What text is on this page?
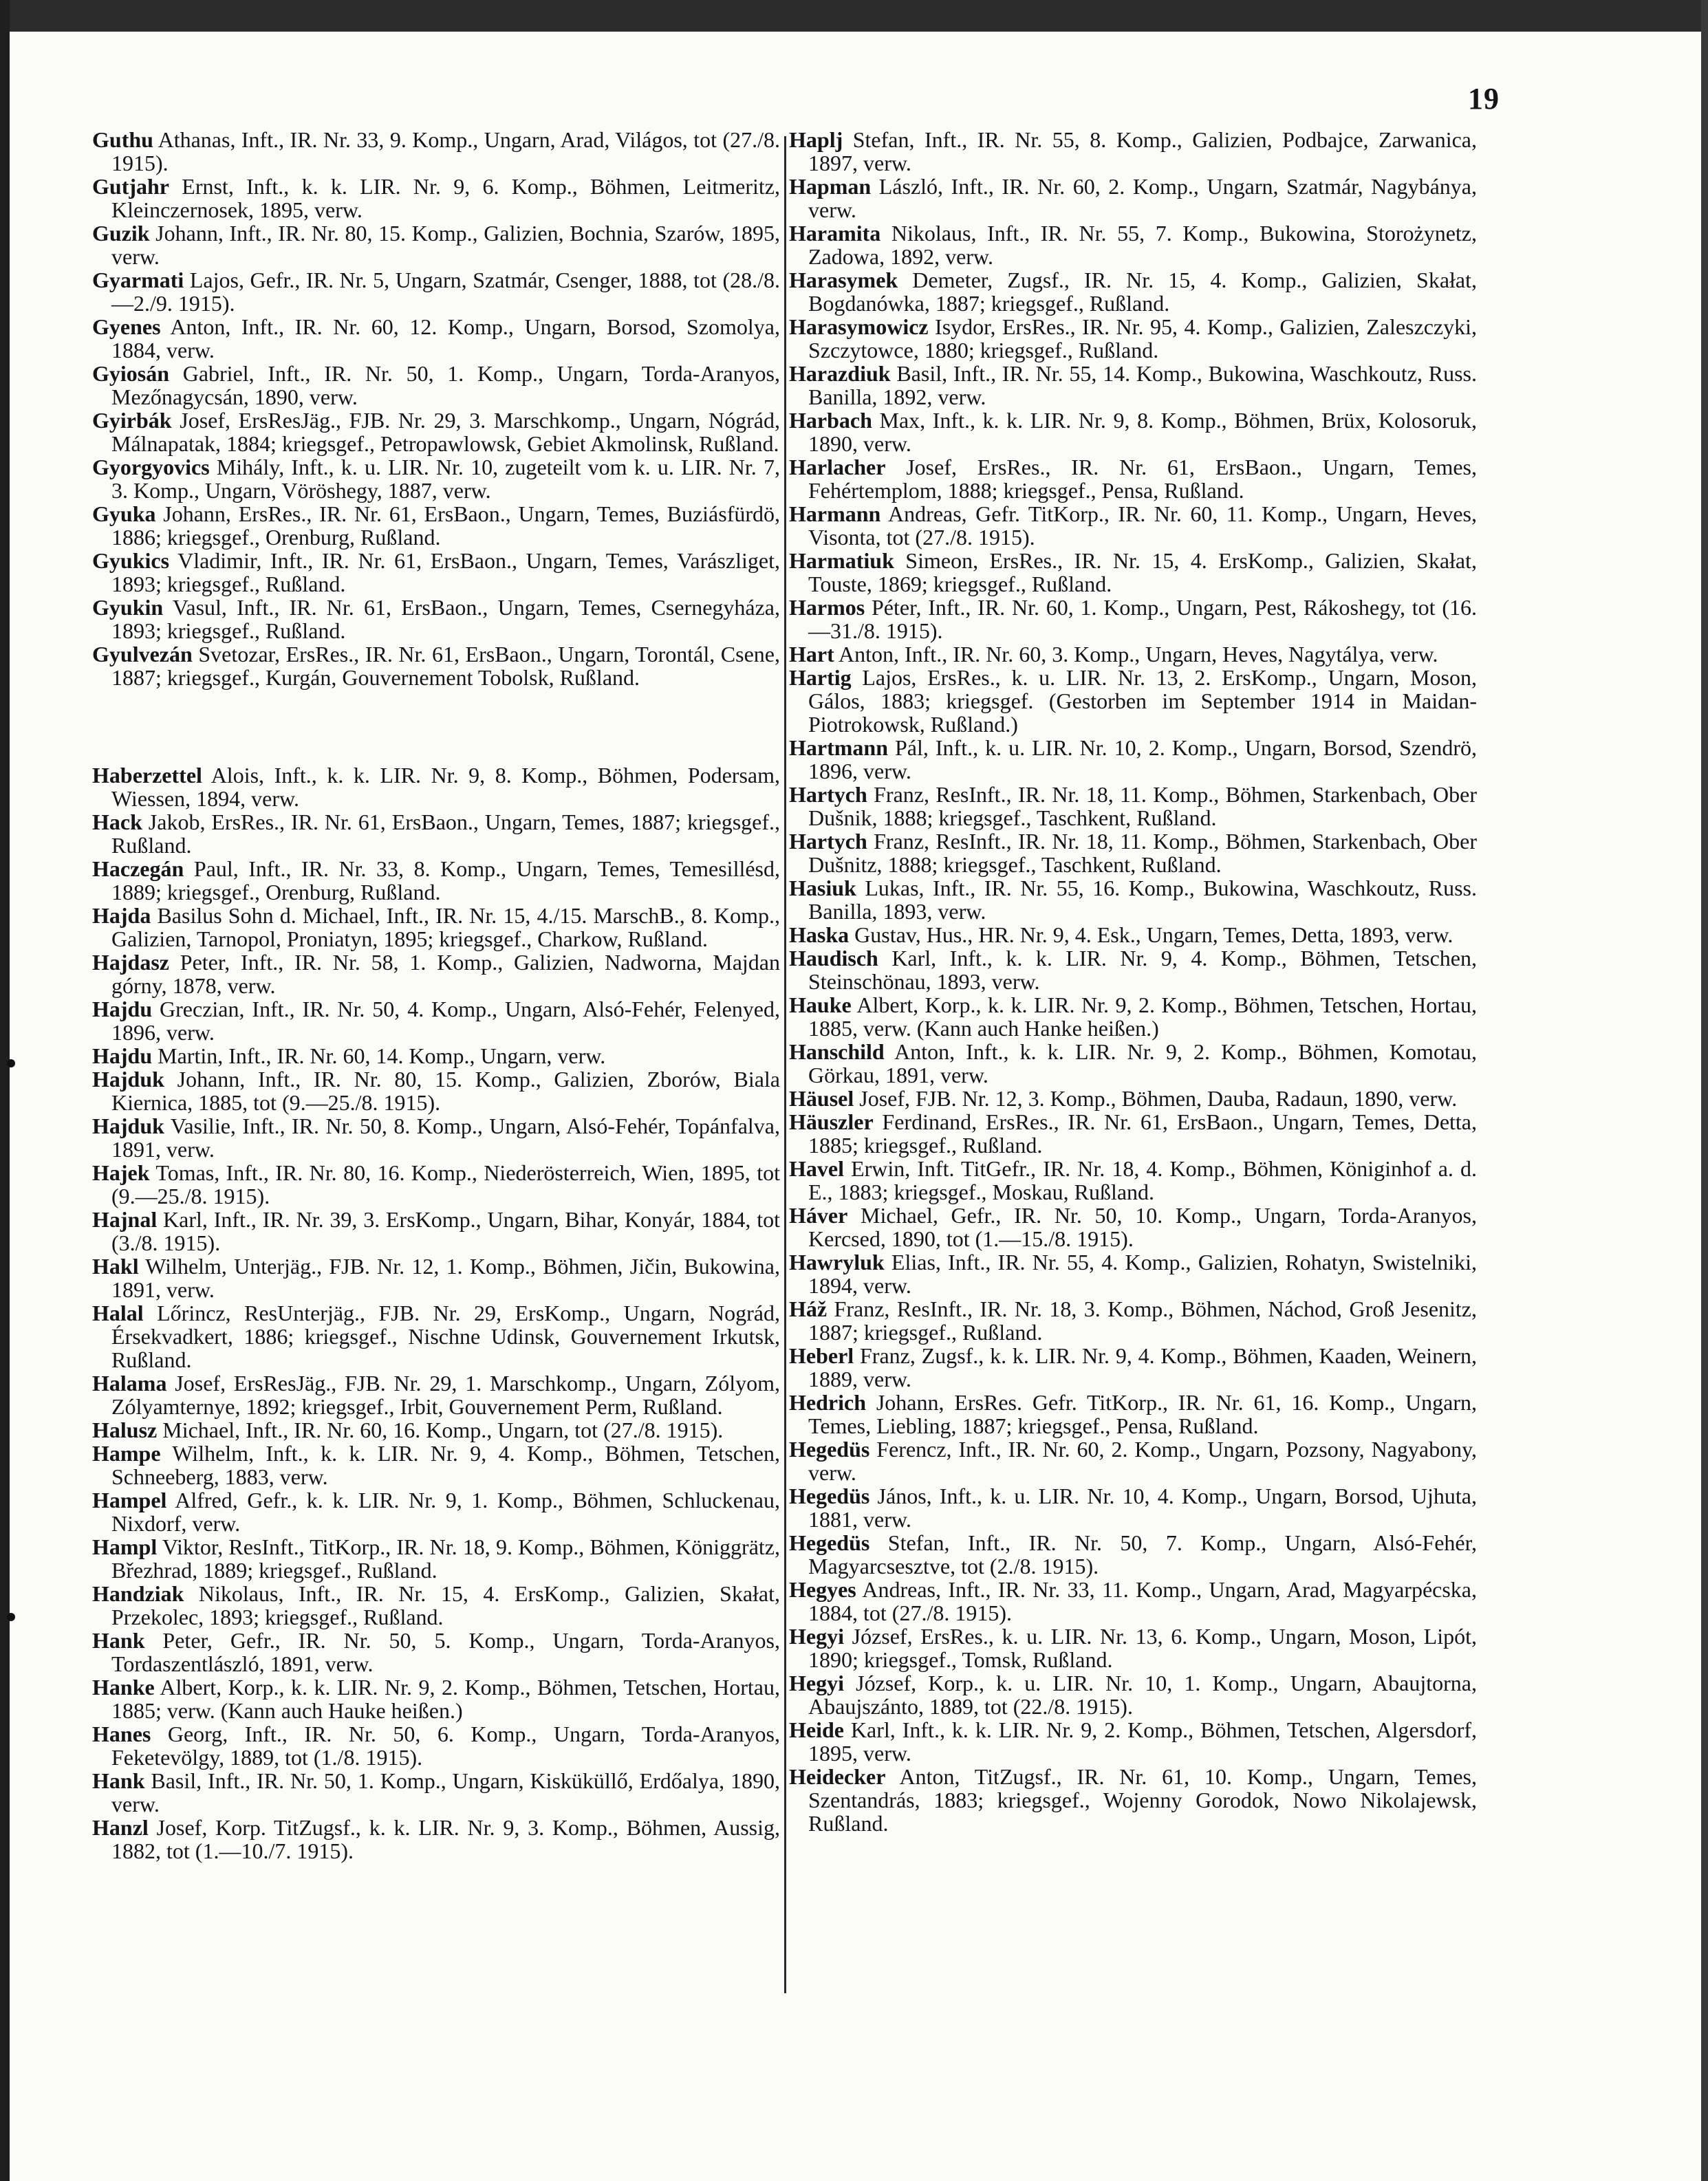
19

Guthu Athanas, Inft., IR. Nr. 33, 9. Komp., Ungarn, Arad, Világos, tot (27./8. 1915).

Gutjahr Ernst, Inft., k. k. LIR. Nr. 9, 6. Komp., Böhmen, Leitmeritz, Kleinczernosek, 1895, verw.

Guzik Johann, Inft., IR. Nr. 80, 15. Komp., Galizien, Bochnia, Szarów, 1895, verw.

Gyarmati Lajos, Gefr., IR. Nr. 5, Ungarn, Szatmár, Csenger, 1888, tot (28./8.—2./9. 1915).

Gyenes Anton, Inft., IR. Nr. 60, 12. Komp., Ungarn, Borsod, Szomolya, 1884, verw.

Gyiosán Gabriel, Inft., IR. Nr. 50, 1. Komp., Ungarn, Torda-Aranyos, Mezőnagycsán, 1890, verw.

Gyirbák Josef, ErsResJäg., FJB. Nr. 29, 3. Marschkomp., Ungarn, Nógrád, Málnapatak, 1884; kriegsgef., Petropawlowsk, Gebiet Akmolinsk, Rußland.

Gyorgyovics Mihály, Inft., k. u. LIR. Nr. 10, zugeteilt vom k. u. LIR. Nr. 7, 3. Komp., Ungarn, Vöröshegy, 1887, verw.

Gyuka Johann, ErsRes., IR. Nr. 61, ErsBaon., Ungarn, Temes, Buziásfürdö, 1886; kriegsgef., Orenburg, Rußland.

Gyukics Vladimir, Inft., IR. Nr. 61, ErsBaon., Ungarn, Temes, Varászliget, 1893; kriegsgef., Rußland.

Gyukin Vasul, Inft., IR. Nr. 61, ErsBaon., Ungarn, Temes, Csernegyháza, 1893; kriegsgef., Rußland.

Gyulvezán Svetozar, ErsRes., IR. Nr. 61, ErsBaon., Ungarn, Torontál, Csene, 1887; kriegsgef., Kurgán, Gouvernement Tobolsk, Rußland.

Haberzettel Alois, Inft., k. k. LIR. Nr. 9, 8. Komp., Böhmen, Podersam, Wiessen, 1894, verw.

Hack Jakob, ErsRes., IR. Nr. 61, ErsBaon., Ungarn, Temes, 1887; kriegsgef., Rußland.

Haczegán Paul, Inft., IR. Nr. 33, 8. Komp., Ungarn, Temes, Temesillésd, 1889; kriegsgef., Orenburg, Rußland.

Hajda Basilus Sohn d. Michael, Inft., IR. Nr. 15, 4./15. MarschB., 8. Komp., Galizien, Tarnopol, Proniatyn, 1895; kriegsgef., Charkow, Rußland.

Hajdasz Peter, Inft., IR. Nr. 58, 1. Komp., Galizien, Nadworna, Majdan górny, 1878, verw.

Hajdu Greczian, Inft., IR. Nr. 50, 4. Komp., Ungarn, Alsó-Fehér, Felenyed, 1896, verw.

Hajdu Martin, Inft., IR. Nr. 60, 14. Komp., Ungarn, verw.

Hajduk Johann, Inft., IR. Nr. 80, 15. Komp., Galizien, Zborów, Biala Kiernica, 1885, tot (9.—25./8. 1915).

Hajduk Vasilie, Inft., IR. Nr. 50, 8. Komp., Ungarn, Alsó-Fehér, Topánfalva, 1891, verw.

Hajek Tomas, Inft., IR. Nr. 80, 16. Komp., Niederösterreich, Wien, 1895, tot (9.—25./8. 1915).

Hajnal Karl, Inft., IR. Nr. 39, 3. ErsKomp., Ungarn, Bihar, Konyár, 1884, tot (3./8. 1915).

Hakl Wilhelm, Unterjäg., FJB. Nr. 12, 1. Komp., Böhmen, Jičin, Bukowina, 1891, verw.

Halal Lőrincz, ResUnterjäg., FJB. Nr. 29, ErsKomp., Ungarn, Nográd, Érsekvadkert, 1886; kriegsgef., Nischne Udinsk, Gouvernement Irkutsk, Rußland.

Halama Josef, ErsResJäg., FJB. Nr. 29, 1. Marschkomp., Ungarn, Zólyom, Zólyamternye, 1892; kriegsgef., Irbit, Gouvernement Perm, Rußland.

Halusz Michael, Inft., IR. Nr. 60, 16. Komp., Ungarn, tot (27./8. 1915).

Hampe Wilhelm, Inft., k. k. LIR. Nr. 9, 4. Komp., Böhmen, Tetschen, Schneeberg, 1883, verw.

Hampel Alfred, Gefr., k. k. LIR. Nr. 9, 1. Komp., Böhmen, Schluckenau, Nixdorf, verw.

Hampl Viktor, ResInft., TitKorp., IR. Nr. 18, 9. Komp., Böhmen, Königgrätz, Březhrad, 1889; kriegsgef., Rußland.

Handziak Nikolaus, Inft., IR. Nr. 15, 4. ErsKomp., Galizien, Skałat, Przekolec, 1893; kriegsgef., Rußland.

Hank Peter, Gefr., IR. Nr. 50, 5. Komp., Ungarn, Torda-Aranyos, Tordaszentlászló, 1891, verw.

Hanke Albert, Korp., k. k. LIR. Nr. 9, 2. Komp., Böhmen, Tetschen, Hortau, 1885; verw. (Kann auch Hauke heißen.)

Hanes Georg, Inft., IR. Nr. 50, 6. Komp., Ungarn, Torda-Aranyos, Feketevölgy, 1889, tot (1./8. 1915).

Hank Basil, Inft., IR. Nr. 50, 1. Komp., Ungarn, Kisküküllő, Erdőalya, 1890, verw.

Hanzl Josef, Korp. TitZugsf., k. k. LIR. Nr. 9, 3. Komp., Böhmen, Aussig, 1882, tot (1.—10./7. 1915).

Haplj Stefan, Inft., IR. Nr. 55, 8. Komp., Galizien, Podbajce, Zarwanica, 1897, verw.

Hapman László, Inft., IR. Nr. 60, 2. Komp., Ungarn, Szatmár, Nagybánya, verw.

Haramita Nikolaus, Inft., IR. Nr. 55, 7. Komp., Bukowina, Storożynetz, Zadowa, 1892, verw.

Harasymek Demeter, Zugsf., IR. Nr. 15, 4. Komp., Galizien, Skałat, Bogdanówka, 1887; kriegsgef., Rußland.

Harasymowicz Isydor, ErsRes., IR. Nr. 95, 4. Komp., Galizien, Zaleszczyki, Szczytowce, 1880; kriegsgef., Rußland.

Harazdiuk Basil, Inft., IR. Nr. 55, 14. Komp., Bukowina, Waschkoutz, Russ. Banilla, 1892, verw.

Harbach Max, Inft., k. k. LIR. Nr. 9, 8. Komp., Böhmen, Brüx, Kolosoruk, 1890, verw.

Harlacher Josef, ErsRes., IR. Nr. 61, ErsBaon., Ungarn, Temes, Fehértemplom, 1888; kriegsgef., Pensa, Rußland.

Harmann Andreas, Gefr. TitKorp., IR. Nr. 60, 11. Komp., Ungarn, Heves, Visonta, tot (27./8. 1915).

Harmatiuk Simeon, ErsRes., IR. Nr. 15, 4. ErsKomp., Galizien, Skałat, Touste, 1869; kriegsgef., Rußland.

Harmos Péter, Inft., IR. Nr. 60, 1. Komp., Ungarn, Pest, Rákoshegy, tot (16.—31./8. 1915).

Hart Anton, Inft., IR. Nr. 60, 3. Komp., Ungarn, Heves, Nagytálya, verw.

Hartig Lajos, ErsRes., k. u. LIR. Nr. 13, 2. ErsKomp., Ungarn, Moson, Gálos, 1883; kriegsgef. (Gestorben im September 1914 in Maidan-Piotrokowsk, Rußland.)

Hartmann Pál, Inft., k. u. LIR. Nr. 10, 2. Komp., Ungarn, Borsod, Szendrö, 1896, verw.

Hartych Franz, ResInft., IR. Nr. 18, 11. Komp., Böhmen, Starkenbach, Ober Dušnik, 1888; kriegsgef., Taschkent, Rußland.

Hartych Franz, ResInft., IR. Nr. 18, 11. Komp., Böhmen, Starkenbach, Ober Dušnitz, 1888; kriegsgef., Taschkent, Rußland.

Hasiuk Lukas, Inft., IR. Nr. 55, 16. Komp., Bukowina, Waschkoutz, Russ. Banilla, 1893, verw.

Haska Gustav, Hus., HR. Nr. 9, 4. Esk., Ungarn, Temes, Detta, 1893, verw.

Haudisch Karl, Inft., k. k. LIR. Nr. 9, 4. Komp., Böhmen, Tetschen, Steinschönau, 1893, verw.

Hauke Albert, Korp., k. k. LIR. Nr. 9, 2. Komp., Böhmen, Tetschen, Hortau, 1885, verw. (Kann auch Hanke heißen.)

Hanschild Anton, Inft., k. k. LIR. Nr. 9, 2. Komp., Böhmen, Komotau, Görkau, 1891, verw.

Häusel Josef, FJB. Nr. 12, 3. Komp., Böhmen, Dauba, Radaun, 1890, verw.

Häuszler Ferdinand, ErsRes., IR. Nr. 61, ErsBaon., Ungarn, Temes, Detta, 1885; kriegsgef., Rußland.

Havel Erwin, Inft. TitGefr., IR. Nr. 18, 4. Komp., Böhmen, Königinhof a. d. E., 1883; kriegsgef., Moskau, Rußland.

Háver Michael, Gefr., IR. Nr. 50, 10. Komp., Ungarn, Torda-Aranyos, Kercsed, 1890, tot (1.—15./8. 1915).

Hawryluk Elias, Inft., IR. Nr. 55, 4. Komp., Galizien, Rohatyn, Swistelniki, 1894, verw.

Háž Franz, ResInft., IR. Nr. 18, 3. Komp., Böhmen, Náchod, Groß Jesenitz, 1887; kriegsgef., Rußland.

Heberl Franz, Zugsf., k. k. LIR. Nr. 9, 4. Komp., Böhmen, Kaaden, Weinern, 1889, verw.

Hedrich Johann, ErsRes. Gefr. TitKorp., IR. Nr. 61, 16. Komp., Ungarn, Temes, Liebling, 1887; kriegsgef., Pensa, Rußland.

Hegedüs Ferencz, Inft., IR. Nr. 60, 2. Komp., Ungarn, Pozsony, Nagyabony, verw.

Hegedüs János, Inft., k. u. LIR. Nr. 10, 4. Komp., Ungarn, Borsod, Ujhuta, 1881, verw.

Hegedüs Stefan, Inft., IR. Nr. 50, 7. Komp., Ungarn, Alsó-Fehér, Magyarcsesztve, tot (2./8. 1915).

Hegyes Andreas, Inft., IR. Nr. 33, 11. Komp., Ungarn, Arad, Magyarpécska, 1884, tot (27./8. 1915).

Hegyi József, ErsRes., k. u. LIR. Nr. 13, 6. Komp., Ungarn, Moson, Lipót, 1890; kriegsgef., Tomsk, Rußland.

Hegyi József, Korp., k. u. LIR. Nr. 10, 1. Komp., Ungarn, Abaujtorna, Abaujszánto, 1889, tot (22./8. 1915).

Heide Karl, Inft., k. k. LIR. Nr. 9, 2. Komp., Böhmen, Tetschen, Algersdorf, 1895, verw.

Heidecker Anton, TitZugsf., IR. Nr. 61, 10. Komp., Ungarn, Temes, Szentandrás, 1883; kriegsgef., Wojenny Gorodok, Nowo Nikolajewsk, Rußland.
